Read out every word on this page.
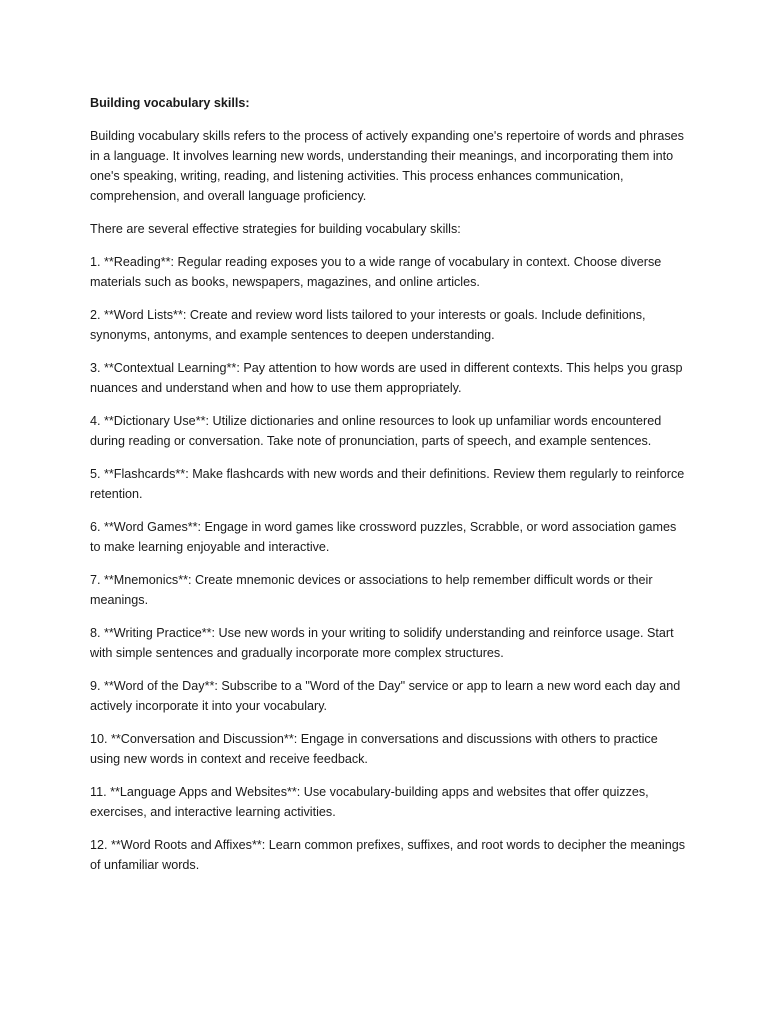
Building vocabulary skills:

Building vocabulary skills refers to the process of actively expanding one's repertoire of words and phrases in a language. It involves learning new words, understanding their meanings, and incorporating them into one's speaking, writing, reading, and listening activities. This process enhances communication, comprehension, and overall language proficiency.

There are several effective strategies for building vocabulary skills:

1. **Reading**: Regular reading exposes you to a wide range of vocabulary in context. Choose diverse materials such as books, newspapers, magazines, and online articles.
2. **Word Lists**: Create and review word lists tailored to your interests or goals. Include definitions, synonyms, antonyms, and example sentences to deepen understanding.
3. **Contextual Learning**: Pay attention to how words are used in different contexts. This helps you grasp nuances and understand when and how to use them appropriately.
4. **Dictionary Use**: Utilize dictionaries and online resources to look up unfamiliar words encountered during reading or conversation. Take note of pronunciation, parts of speech, and example sentences.
5. **Flashcards**: Make flashcards with new words and their definitions. Review them regularly to reinforce retention.
6. **Word Games**: Engage in word games like crossword puzzles, Scrabble, or word association games to make learning enjoyable and interactive.
7. **Mnemonics**: Create mnemonic devices or associations to help remember difficult words or their meanings.
8. **Writing Practice**: Use new words in your writing to solidify understanding and reinforce usage. Start with simple sentences and gradually incorporate more complex structures.
9. **Word of the Day**: Subscribe to a "Word of the Day" service or app to learn a new word each day and actively incorporate it into your vocabulary.
10. **Conversation and Discussion**: Engage in conversations and discussions with others to practice using new words in context and receive feedback.
11. **Language Apps and Websites**: Use vocabulary-building apps and websites that offer quizzes, exercises, and interactive learning activities.
12. **Word Roots and Affixes**: Learn common prefixes, suffixes, and root words to decipher the meanings of unfamiliar words.
